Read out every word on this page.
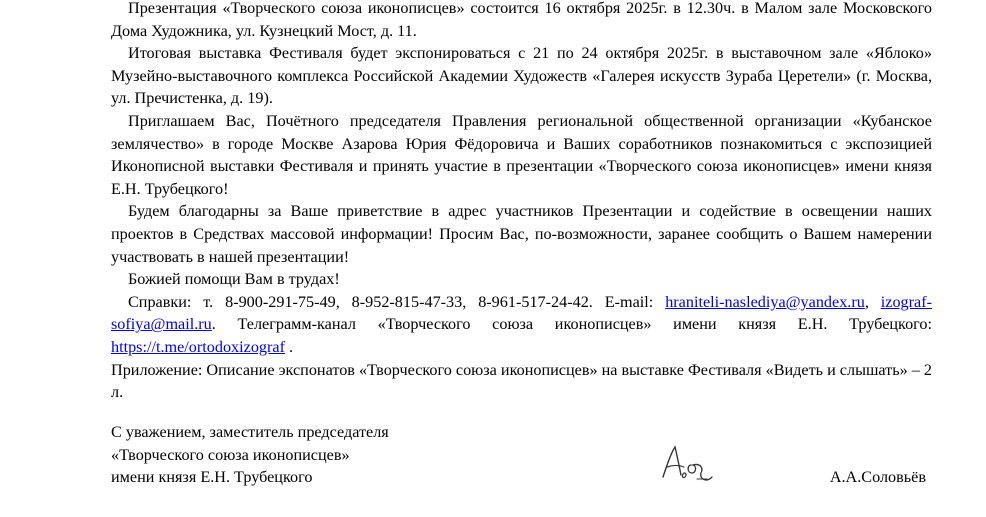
Презентация «Творческого союза иконописцев» состоится 16 октября 2025г. в 12.30ч. в Малом зале Московского Дома Художника, ул. Кузнецкий Мост, д. 11.

Итоговая выставка Фестиваля будет экспонироваться с 21 по 24 октября 2025г. в выставочном зале «Яблоко» Музейно-выставочного комплекса Российской Академии Художеств «Галерея искусств Зураба Церетели» (г. Москва, ул. Пречистенка, д. 19).

Приглашаем Вас, Почётного председателя Правления региональной общественной организации «Кубанское землячество» в городе Москве Азарова Юрия Фёдоровича и Ваших соработников познакомиться с экспозицией Иконописной выставки Фестиваля и принять участие в презентации «Творческого союза иконописцев» имени князя Е.Н. Трубецкого!

Будем благодарны за Ваше приветствие в адрес участников Презентации и содействие в освещении наших проектов в Средствах массовой информации! Просим Вас, по-возможности, заранее сообщить о Вашем намерении участвовать в нашей презентации!

Божией помощи Вам в трудах!

Справки: т. 8-900-291-75-49, 8-952-815-47-33, 8-961-517-24-42. E-mail: hraniteli-naslediya@yandex.ru, izograf-sofiya@mail.ru. Телеграмм-канал «Творческого союза иконописцев» имени князя Е.Н. Трубецкого: https://t.me/ortodoxizograf .

Приложение: Описание экспонатов «Творческого союза иконописцев» на выставке Фестиваля «Видеть и слышать» – 2 л.

С уважением, заместитель председателя
«Творческого союза иконописцев»
имени князя Е.Н. Трубецкого	А.А.Соловьёв
